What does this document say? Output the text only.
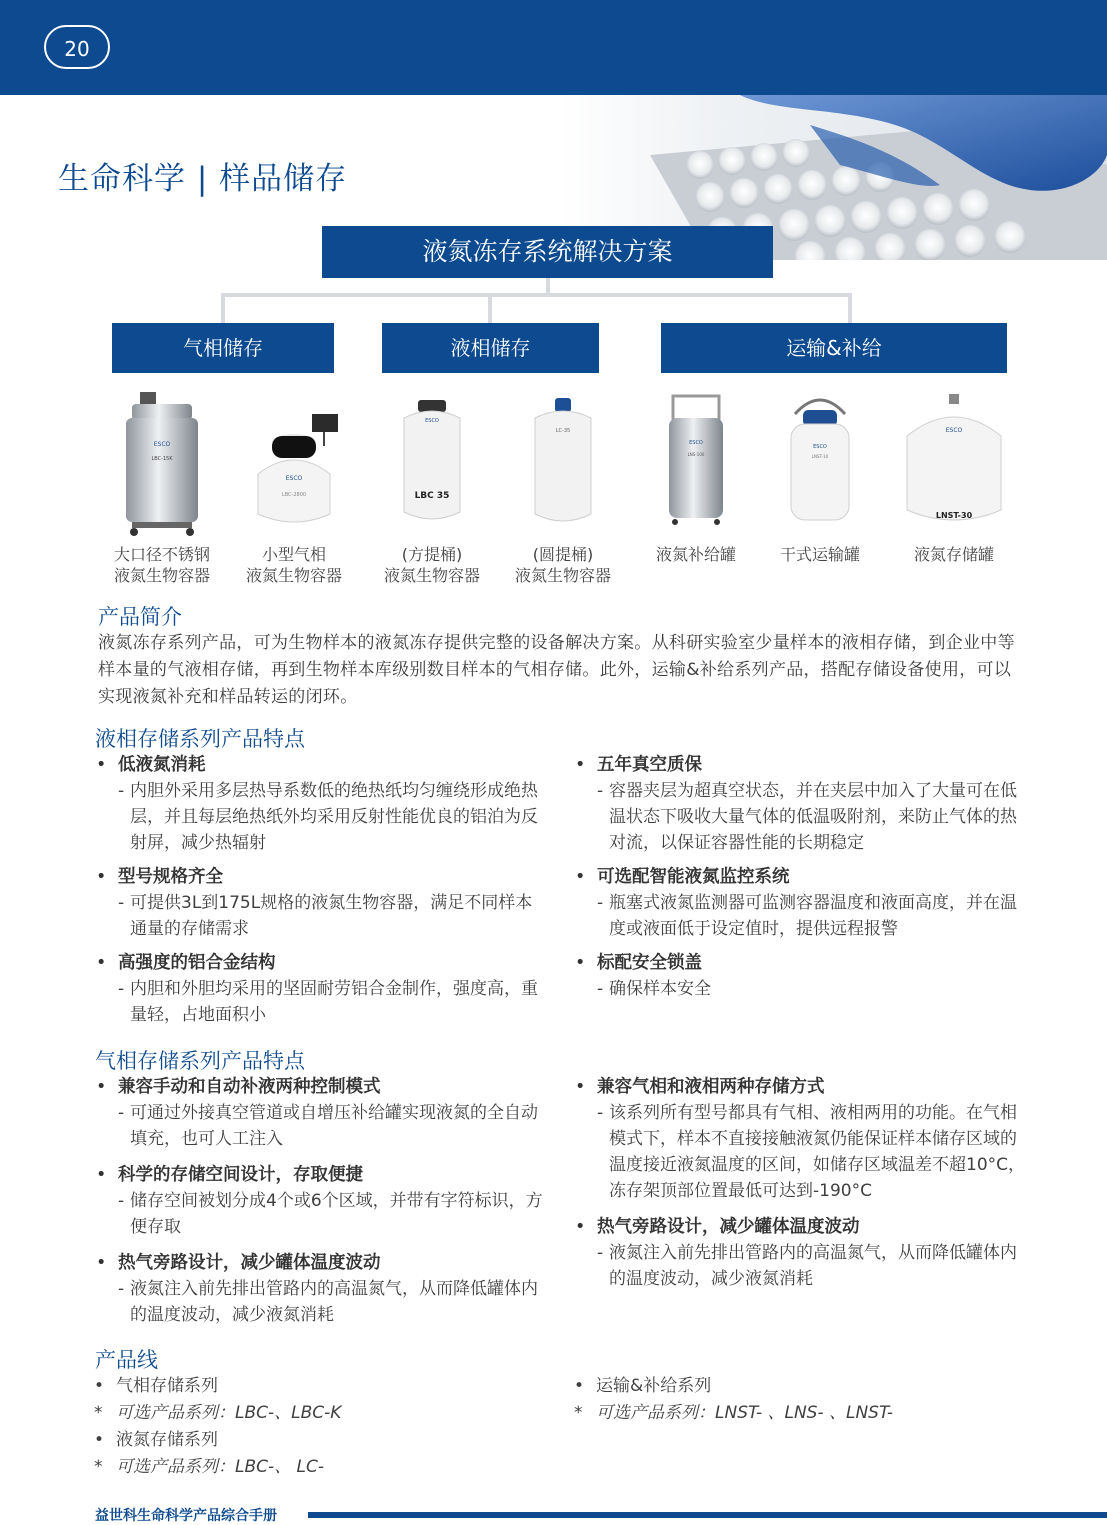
20
生命科学 | 样品储存
液氮冻存系统解决方案
气相储存	液相储存	运输&补给
ESCO
LBC-15K
大口径不锈钢
液氮生物容器
ESCO
LBC-2800
小型气相
液氮生物容器
ESCO
LBC 35
(方提桶)
液氮生物容器
LC-35
(圆提桶)
液氮生物容器
ESCO
LNS-100
液氮补给罐
ESCO
LNST-10
干式运输罐
ESCO
LNST-30
液氮存储罐
产品简介
液氮冻存系列产品，可为生物样本的液氮冻存提供完整的设备解决方案。从科研实验室少量样本的液相存储，到企业中等样本量的气液相存储，再到生物样本库级别数目样本的气相存储。此外，运输&补给系列产品，搭配存储设备使用，可以实现液氮补充和样品转运的闭环。
液相存储系列产品特点
• 低液氮消耗
- 内胆外采用多层热导系数低的绝热纸均匀缠绕形成绝热层，并且每层绝热纸外均采用反射性能优良的铝泊为反射屏，减少热辐射
• 型号规格齐全
- 可提供3L到175L规格的液氮生物容器，满足不同样本通量的存储需求
• 高强度的铝合金结构
- 内胆和外胆均采用的坚固耐劳铝合金制作，强度高，重量轻，占地面积小
• 五年真空质保
- 容器夹层为超真空状态，并在夹层中加入了大量可在低温状态下吸收大量气体的低温吸附剂，来防止气体的热对流，以保证容器性能的长期稳定
• 可选配智能液氮监控系统
- 瓶塞式液氮监测器可监测容器温度和液面高度，并在温度或液面低于设定值时，提供远程报警
• 标配安全锁盖
- 确保样本安全
气相存储系列产品特点
• 兼容手动和自动补液两种控制模式
- 可通过外接真空管道或自增压补给罐实现液氮的全自动填充，也可人工注入
• 科学的存储空间设计，存取便捷
- 储存空间被划分成4个或6个区域，并带有字符标识，方便存取
• 热气旁路设计，减少罐体温度波动
- 液氮注入前先排出管路内的高温氮气，从而降低罐体内的温度波动，减少液氮消耗
• 兼容气相和液相两种存储方式
- 该系列所有型号都具有气相、液相两用的功能。在气相模式下，样本不直接接触液氮仍能保证样本储存区域的温度接近液氮温度的区间，如储存区域温差不超10°C，冻存架顶部位置最低可达到-190°C
• 热气旁路设计，减少罐体温度波动
- 液氮注入前先排出管路内的高温氮气，从而降低罐体内的温度波动，减少液氮消耗
产品线
• 气相存储系列
* 可选产品系列：LBC-、LBC-K
• 液氮存储系列
* 可选产品系列：LBC-、 LC-
• 运输&补给系列
* 可选产品系列：LNST- 、LNS- 、LNST-
益世科生命科学产品综合手册
